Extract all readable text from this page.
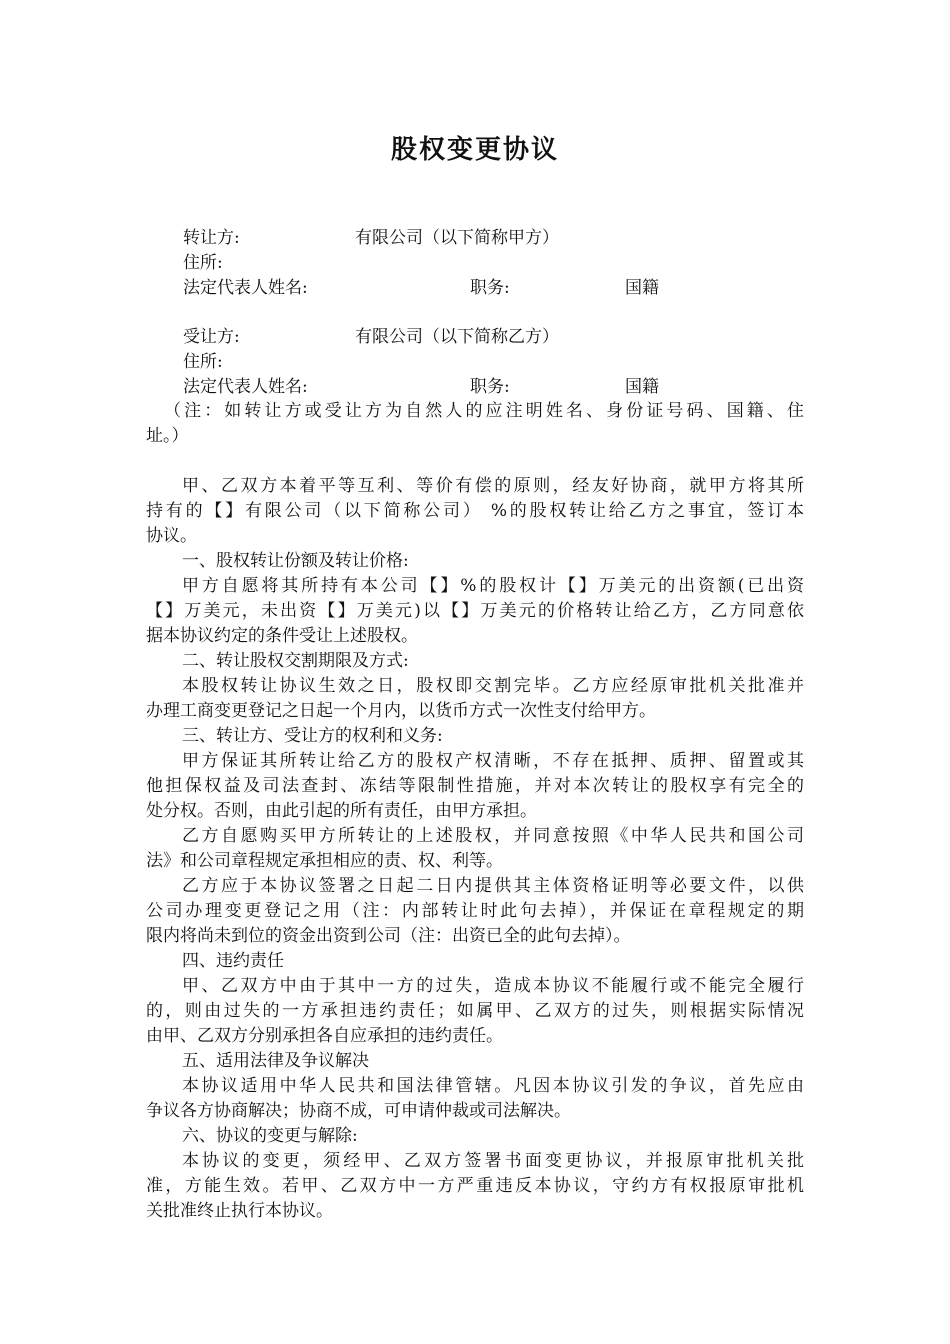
股权变更协议
转让方:	有限公司（以下简称甲方）
住所:
法定代表人姓名:	职务:	国籍
受让方:	有限公司（以下简称乙方）
住所:
法定代表人姓名:	职务:	国籍
（注：如转让方或受让方为自然人的应注明姓名、身份证号码、国籍、住
址。）
甲、乙双方本着平等互利、等价有偿的原则，经友好协商，就甲方将其所
持有的【】有限公司（以下简称公司） %的股权转让给乙方之事宜，签订本
协议。
一、股权转让份额及转让价格:
甲方自愿将其所持有本公司【】%的股权计【】万美元的出资额(已出资
【】万美元，未出资【】万美元)以【】万美元的价格转让给乙方，乙方同意依
据本协议约定的条件受让上述股权。
二、转让股权交割期限及方式:
本股权转让协议生效之日，股权即交割完毕。乙方应经原审批机关批准并
办理工商变更登记之日起一个月内，以货币方式一次性支付给甲方。
三、转让方、受让方的权利和义务:
甲方保证其所转让给乙方的股权产权清晰，不存在抵押、质押、留置或其
他担保权益及司法查封、冻结等限制性措施，并对本次转让的股权享有完全的
处分权。否则，由此引起的所有责任，由甲方承担。
乙方自愿购买甲方所转让的上述股权，并同意按照《中华人民共和国公司
法》和公司章程规定承担相应的责、权、利等。
乙方应于本协议签署之日起二日内提供其主体资格证明等必要文件，以供
公司办理变更登记之用（注：内部转让时此句去掉），并保证在章程规定的期
限内将尚未到位的资金出资到公司（注：出资已全的此句去掉）。
四、违约责任
甲、乙双方中由于其中一方的过失，造成本协议不能履行或不能完全履行
的，则由过失的一方承担违约责任；如属甲、乙双方的过失，则根据实际情况
由甲、乙双方分别承担各自应承担的违约责任。
五、适用法律及争议解决
本协议适用中华人民共和国法律管辖。凡因本协议引发的争议，首先应由
争议各方协商解决；协商不成，可申请仲裁或司法解决。
六、协议的变更与解除:
本协议的变更，须经甲、乙双方签署书面变更协议，并报原审批机关批
准，方能生效。若甲、乙双方中一方严重违反本协议，守约方有权报原审批机
关批准终止执行本协议。
